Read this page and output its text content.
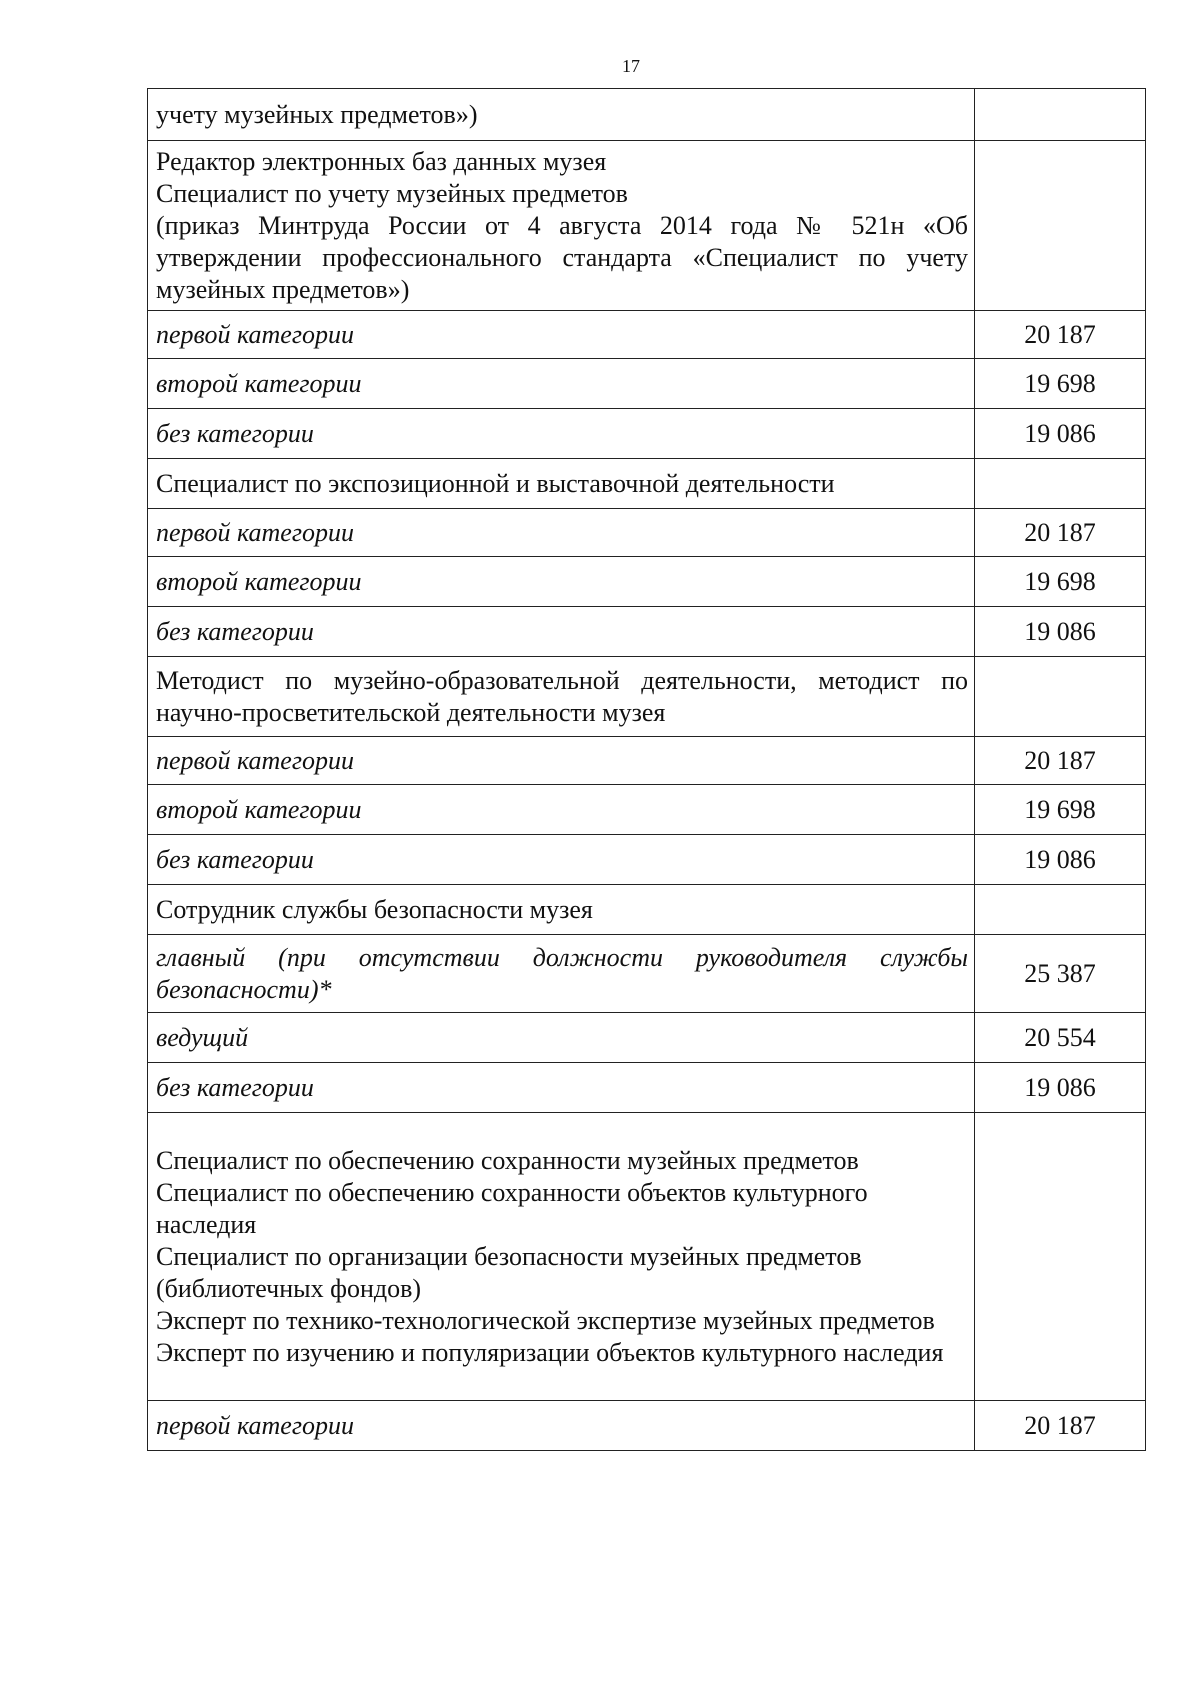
17
учету музейных предметов»)	

Редактор электронных баз данных музея
Специалист по учету музейных предметов
(приказ Минтруда России от 4 августа 2014 года № 521н «Об утверждении профессионального стандарта «Специалист по учету музейных предметов»)	

первой категории	20 187

второй категории	19 698

без категории	19 086

Специалист по экспозиционной и выставочной деятельности	

первой категории	20 187

второй категории	19 698

без категории	19 086

Методист по музейно-образовательной деятельности, методист по научно-просветительской деятельности музея	

первой категории	20 187

второй категории	19 698

без категории	19 086

Сотрудник службы безопасности музея	

главный (при отсутствии должности руководителя службы безопасности)*	25 387

ведущий	20 554

без категории	19 086

Специалист по обеспечению сохранности музейных предметов
Специалист по обеспечению сохранности объектов культурного наследия
Специалист по организации безопасности музейных предметов (библиотечных фондов)
Эксперт по технико-технологической экспертизе музейных предметов
Эксперт по изучению и популяризации объектов культурного наследия	

первой категории	20 187
